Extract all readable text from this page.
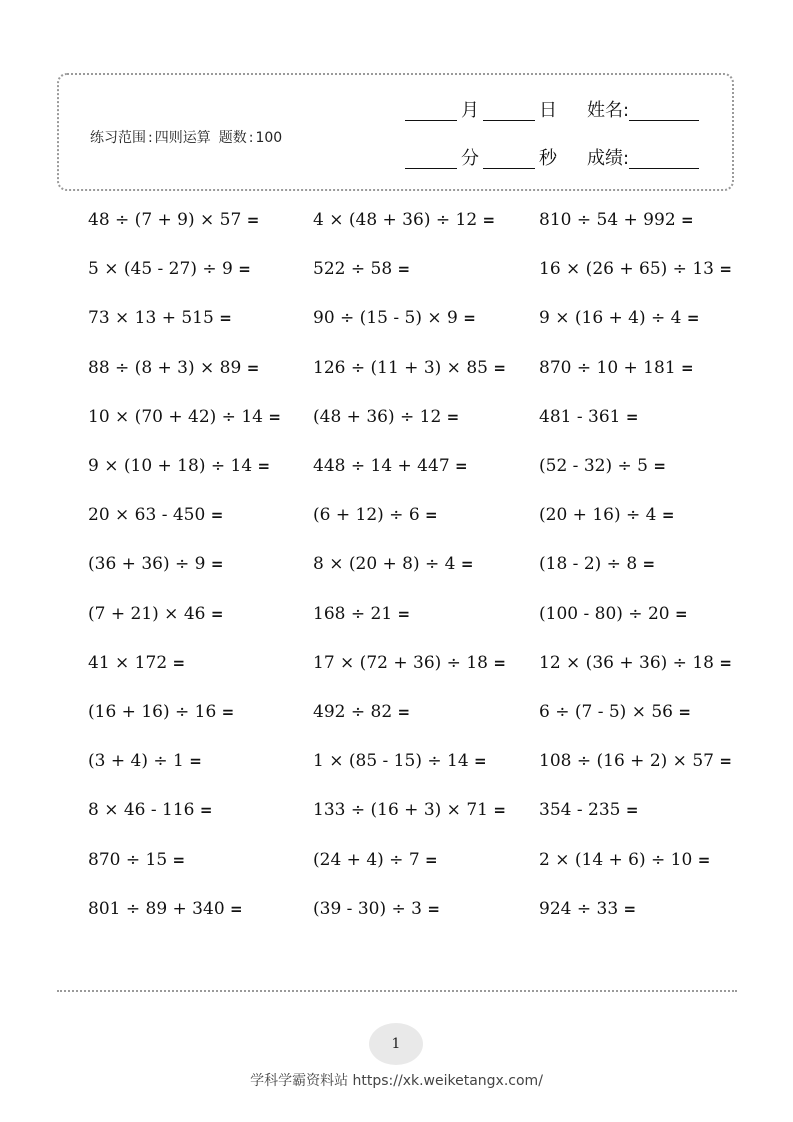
练习范围 : 四则运算 题数 : 100
月	日 姓名:
分	秒 成绩:
48 ÷ (7 + 9) × 57 =	4 × (48 + 36) ÷ 12 =	810 ÷ 54 + 992 =
5 × (45 - 27) ÷ 9 =	522 ÷ 58 =	16 × (26 + 65) ÷ 13 =
73 × 13 + 515 =	90 ÷ (15 - 5) × 9 =	9 × (16 + 4) ÷ 4 =
88 ÷ (8 + 3) × 89 =	126 ÷ (11 + 3) × 85 = 870 ÷ 10 + 181 =
10 × (70 + 42) ÷ 14 = (48 + 36) ÷ 12 =	481 - 361 =
9 × (10 + 18) ÷ 14 =	448 ÷ 14 + 447 =	(52 - 32) ÷ 5 =
20 × 63 - 450 =	(6 + 12) ÷ 6 =	(20 + 16) ÷ 4 =
(36 + 36) ÷ 9 =	8 × (20 + 8) ÷ 4 =	(18 - 2) ÷ 8 =
(7 + 21) × 46 =	168 ÷ 21 =	(100 - 80) ÷ 20 =
41 × 172 =	17 × (72 + 36) ÷ 18 = 12 × (36 + 36) ÷ 18 =
(16 + 16) ÷ 16 =	492 ÷ 82 =	6 ÷ (7 - 5) × 56 =
(3 + 4) ÷ 1 =	1 × (85 - 15) ÷ 14 =	108 ÷ (16 + 2) × 57 =
8 × 46 - 116 =	133 ÷ (16 + 3) × 71 = 354 - 235 =
870 ÷ 15 =	(24 + 4) ÷ 7 =	2 × (14 + 6) ÷ 10 =
801 ÷ 89 + 340 =	(39 - 30) ÷ 3 =	924 ÷ 33 =
1
学科学霸资料站 https://xk.weiketangx.com/
